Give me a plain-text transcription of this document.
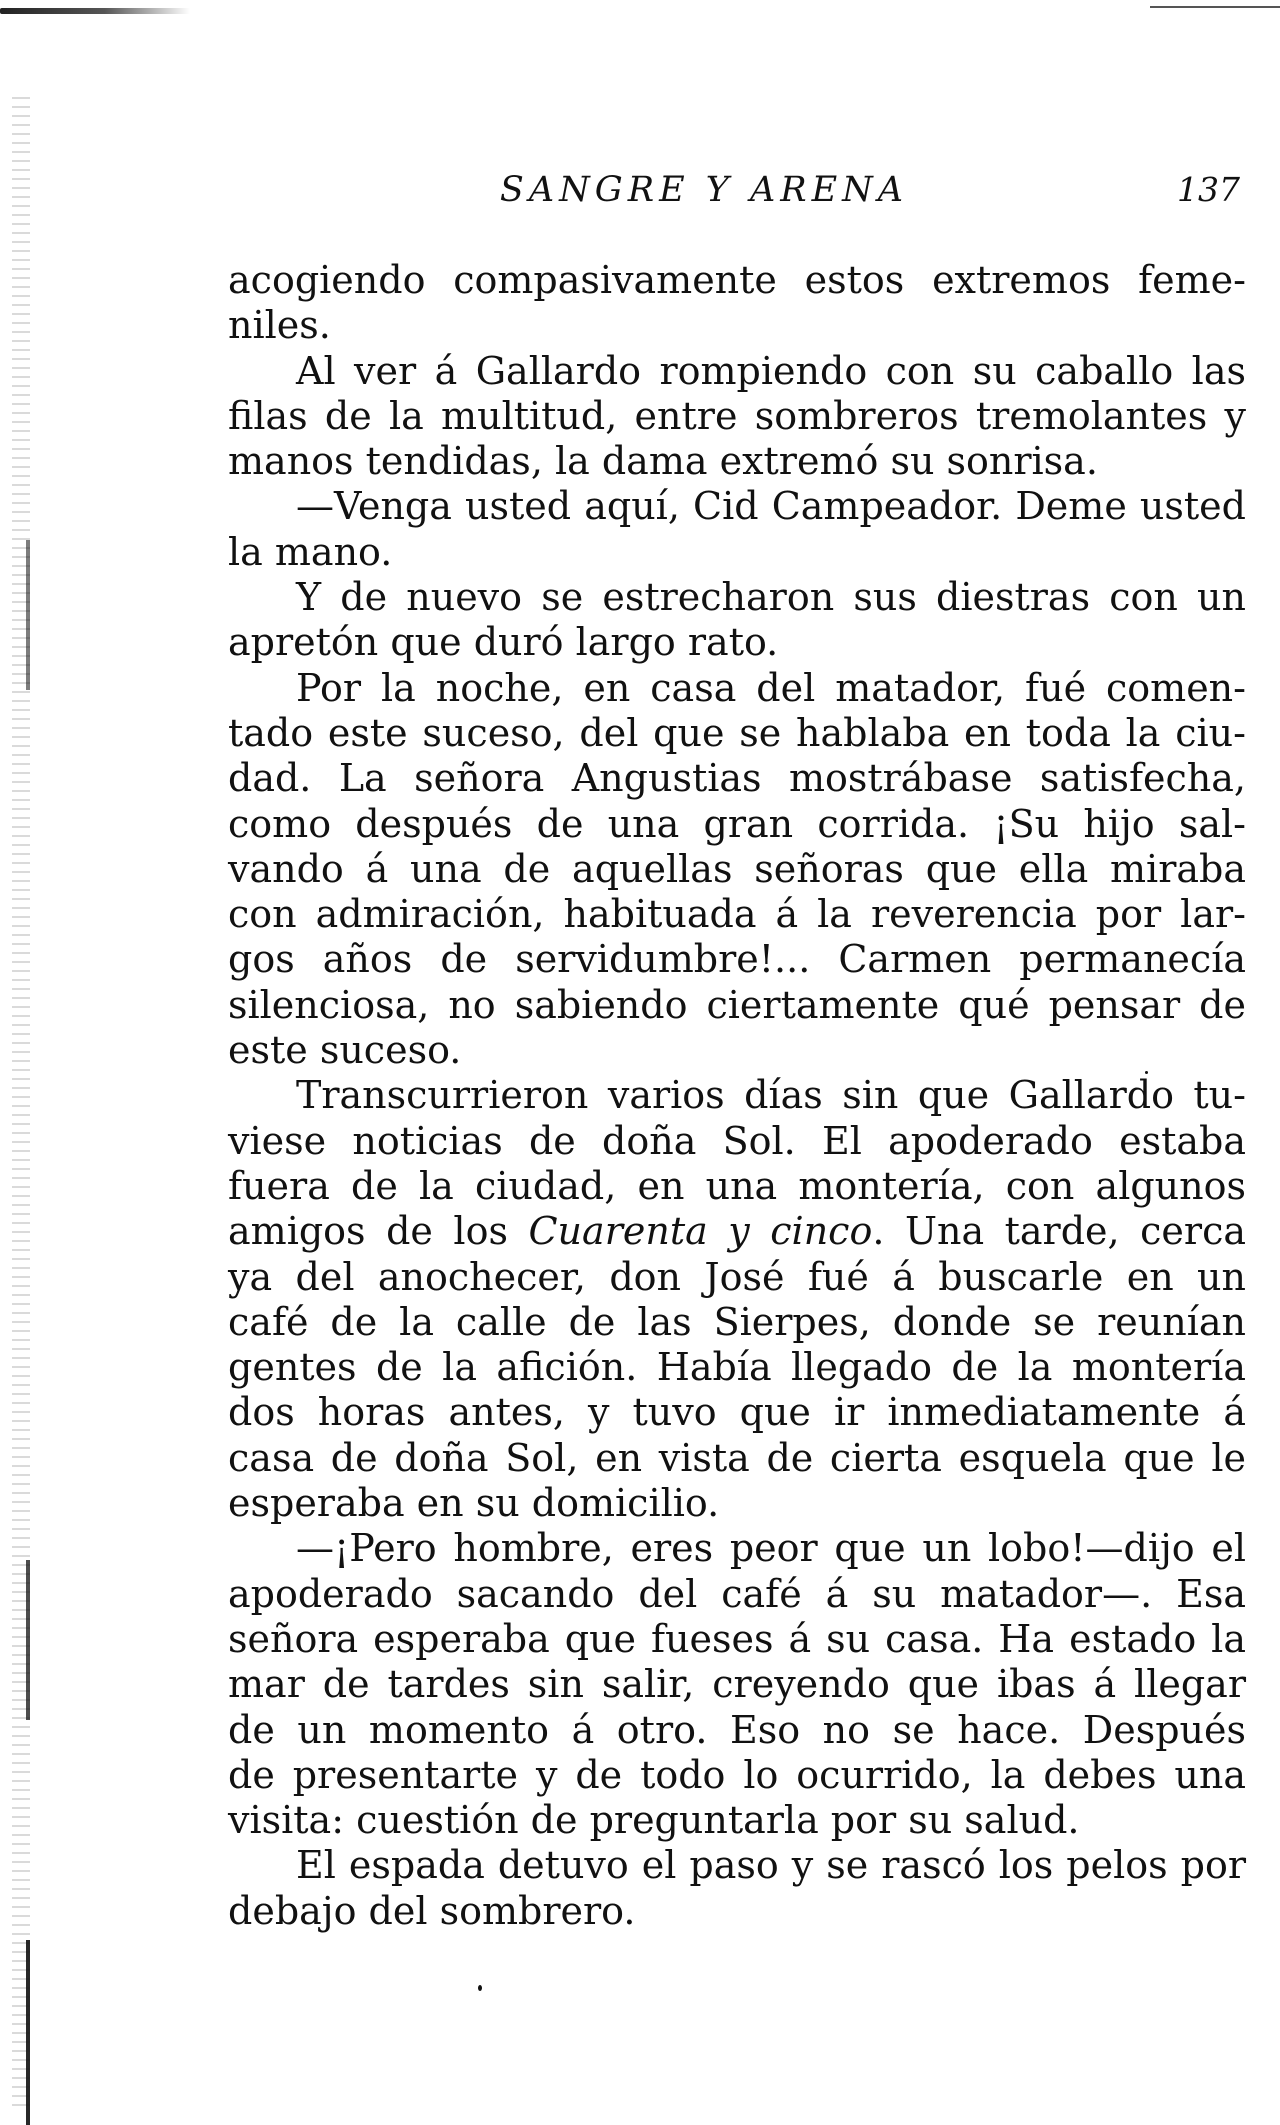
SANGRE Y ARENA	137
acogiendo compasivamente estos extremos feme-
niles.
Al ver á Gallardo rompiendo con su caballo las
filas de la multitud, entre sombreros tremolantes y
manos tendidas, la dama extremó su sonrisa.
—Venga usted aquí, Cid Campeador. Deme usted
la mano.
Y de nuevo se estrecharon sus diestras con un
apretón que duró largo rato.
Por la noche, en casa del matador, fué comen-
tado este suceso, del que se hablaba en toda la ciu-
dad. La señora Angustias mostrábase satisfecha,
como después de una gran corrida. ¡Su hijo sal-
vando á una de aquellas señoras que ella miraba
con admiración, habituada á la reverencia por lar-
gos años de servidumbre!... Carmen permanecía
silenciosa, no sabiendo ciertamente qué pensar de
este suceso.
Transcurrieron varios días sin que Gallardo tu-
viese noticias de doña Sol. El apoderado estaba
fuera de la ciudad, en una montería, con algunos
amigos de los Cuarenta y cinco. Una tarde, cerca
ya del anochecer, don José fué á buscarle en un
café de la calle de las Sierpes, donde se reunían
gentes de la afición. Había llegado de la montería
dos horas antes, y tuvo que ir inmediatamente á
casa de doña Sol, en vista de cierta esquela que le
esperaba en su domicilio.
—¡Pero hombre, eres peor que un lobo!—dijo el
apoderado sacando del café á su matador—. Esa
señora esperaba que fueses á su casa. Ha estado la
mar de tardes sin salir, creyendo que ibas á llegar
de un momento á otro. Eso no se hace. Después
de presentarte y de todo lo ocurrido, la debes una
visita: cuestión de preguntarla por su salud.
El espada detuvo el paso y se rascó los pelos por
debajo del sombrero.
